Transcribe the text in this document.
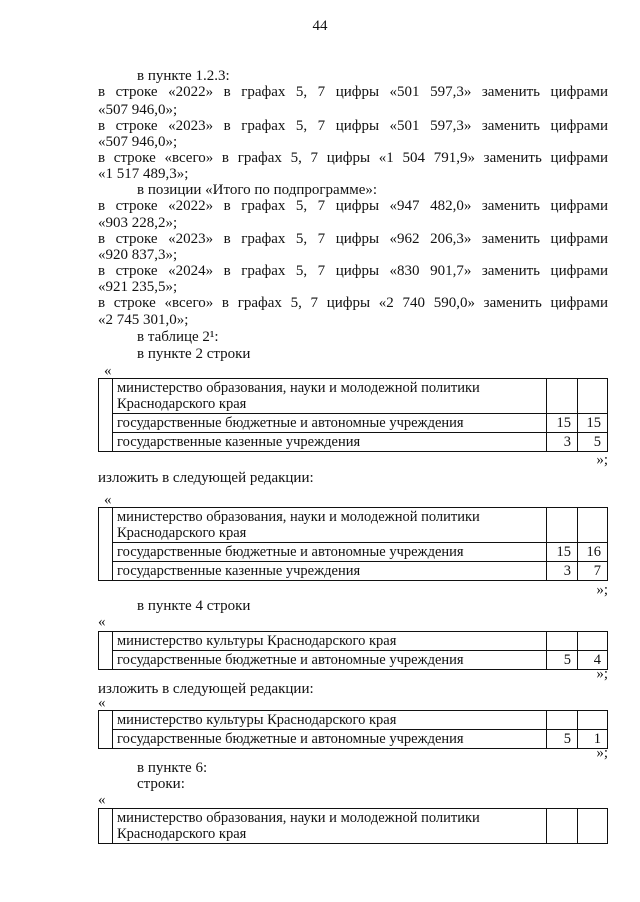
44
в пункте 1.2.3:
в строке «2022» в графах 5, 7 цифры «501 597,3» заменить цифрами
«507 946,0»;
в строке «2023» в графах 5, 7 цифры «501 597,3» заменить цифрами
«507 946,0»;
в строке «всего» в графах 5, 7 цифры «1 504 791,9» заменить цифрами
«1 517 489,3»;
в позиции «Итого по подпрограмме»:
в строке «2022» в графах 5, 7 цифры «947 482,0» заменить цифрами
«903 228,2»;
в строке «2023» в графах 5, 7 цифры «962 206,3» заменить цифрами
«920 837,3»;
в строке «2024» в графах 5, 7 цифры «830 901,7» заменить цифрами
«921 235,5»;
в строке «всего» в графах 5, 7 цифры «2 740 590,0» заменить цифрами
«2 745 301,0»;
в таблице 2¹:
в пункте 2 строки
«
	министерство образования, науки и молодежной политики Краснодарского края		
	государственные бюджетные и автономные учреждения	15	15
	государственные казенные учреждения	3	5
»;
изложить в следующей редакции:
«
	министерство образования, науки и молодежной политики Краснодарского края		
	государственные бюджетные и автономные учреждения	15	16
	государственные казенные учреждения	3	7
»;
в пункте 4 строки
«
	министерство культуры Краснодарского края		
	государственные бюджетные и автономные учреждения	5	4
»;
изложить в следующей редакции:
«
	министерство культуры Краснодарского края		
	государственные бюджетные и автономные учреждения	5	1
»;
в пункте 6:
строки:
«
	министерство образования, науки и молодежной политики Краснодарского края		
